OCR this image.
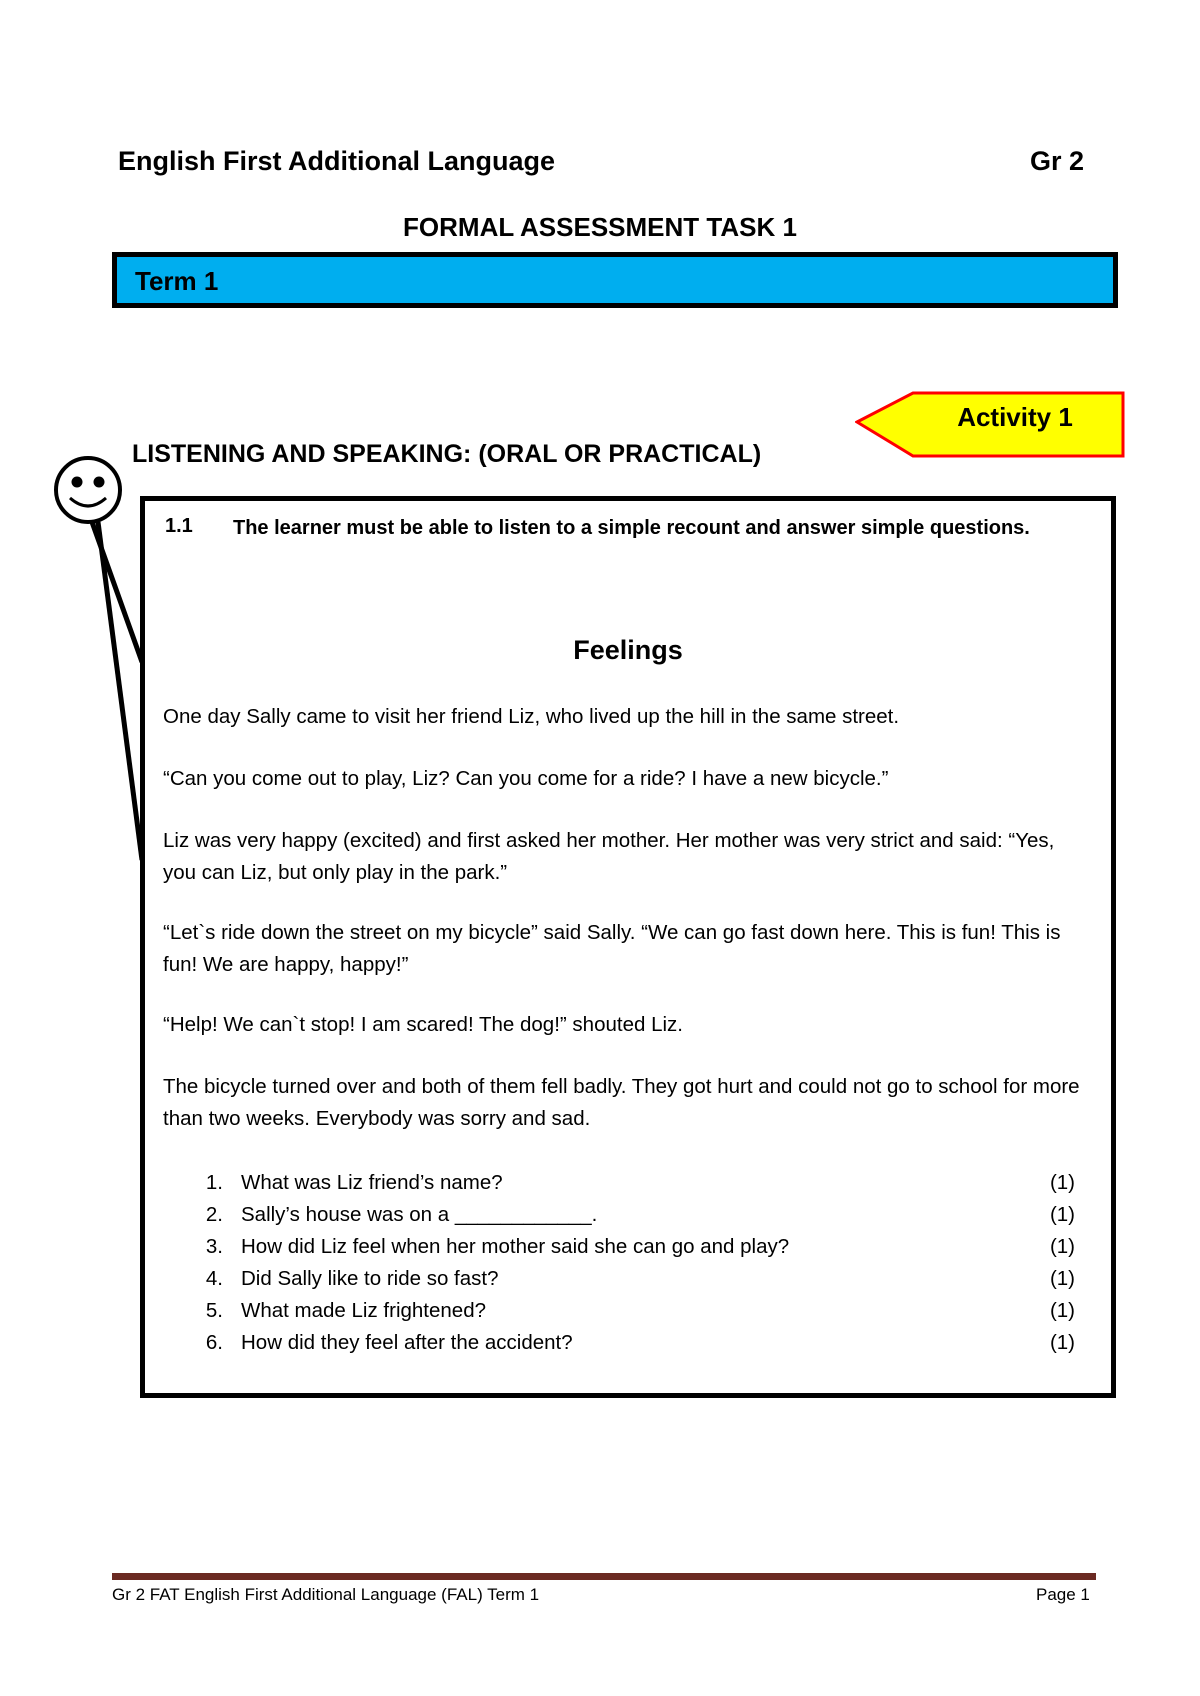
English First Additional Language	Gr 2
FORMAL ASSESSMENT TASK 1
Term 1
Activity 1
LISTENING AND SPEAKING: (ORAL OR PRACTICAL)
1.1 The learner must be able to listen to a simple recount and answer simple questions.
Feelings
One day Sally came to visit her friend Liz, who lived up the hill in the same street.
“Can you come out to play, Liz? Can you come for a ride? I have a new bicycle.”
Liz was very happy (excited) and first asked her mother. Her mother was very strict and said: “Yes, you can Liz, but only play in the park.”
“Let`s ride down the street on my bicycle” said Sally. “We can go fast down here. This is fun! This is fun! We are happy, happy!”
“Help! We can`t stop! I am scared! The dog!” shouted Liz.
The bicycle turned over and both of them fell badly. They got hurt and could not go to school for more than two weeks. Everybody was sorry and sad.
1. What was Liz friend’s name?	(1)
2. Sally’s house was on a ____________.	(1)
3. How did Liz feel when her mother said she can go and play?	(1)
4. Did Sally like to ride so fast?	(1)
5. What made Liz frightened?	(1)
6. How did they feel after the accident?	(1)
Gr 2 FAT English First Additional Language (FAL) Term 1	Page 1
